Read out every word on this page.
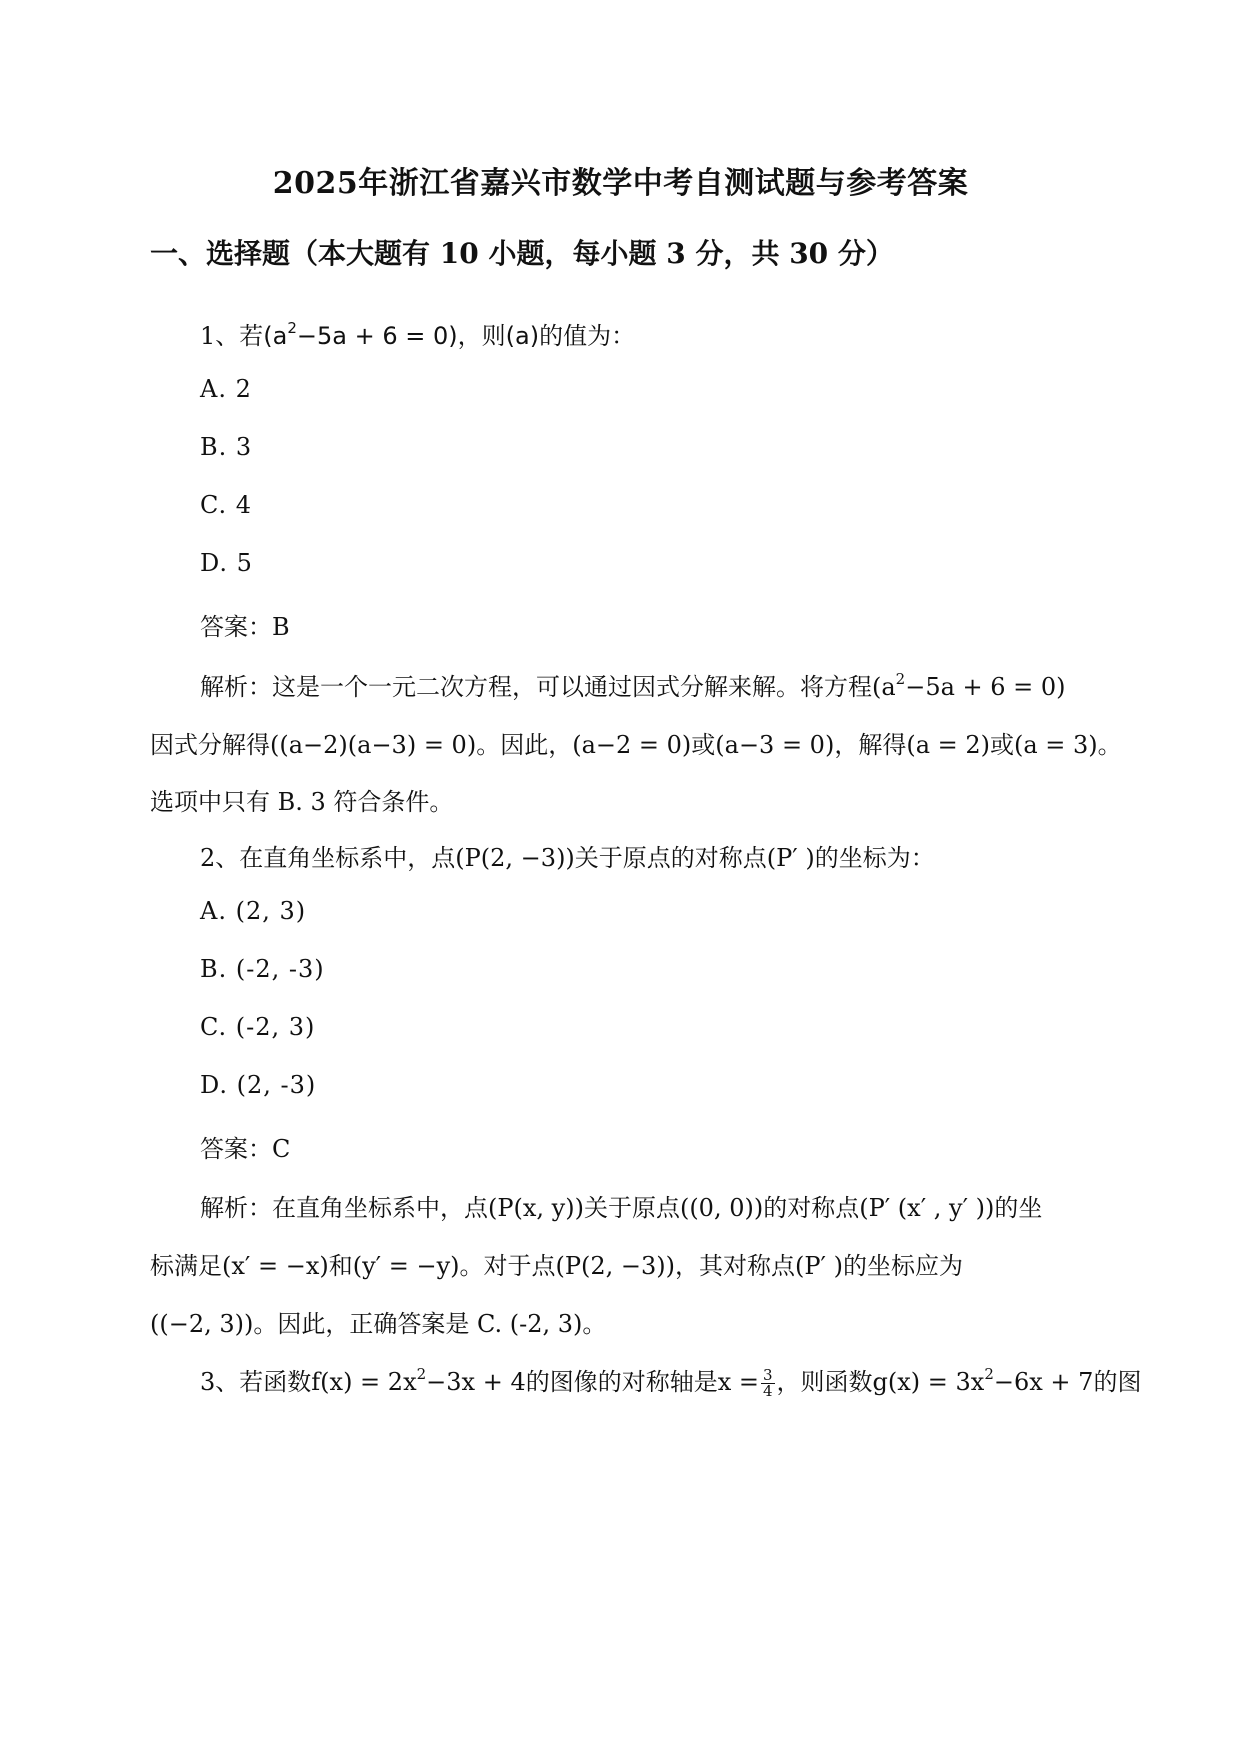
2025年浙江省嘉兴市数学中考自测试题与参考答案
一、选择题（本大题有 10 小题，每小题 3 分，共 30 分）
1、若$(a^2-5a + 6 = 0)$，则(a)的值为：
A. 2
B. 3
C. 4
D. 5
答案：B
解析：这是一个一元二次方程，可以通过因式分解来解。将方程$(a^2-5a + 6 = 0)$
因式分解得((a−2)(a−3) = 0)。因此，(a−2 = 0)或(a−3 = 0)，解得(a = 2)或(a = 3)。
选项中只有 B. 3 符合条件。
2、在直角坐标系中，点(P(2, −3))关于原点的对称点(P′ )的坐标为：
A. (2, 3)
B. (-2, -3)
C. (-2, 3)
D. (2, -3)
答案：C
解析：在直角坐标系中，点(P(x, y))关于原点((0, 0))的对称点(P′ (x′ , y′ ))的坐
标满足(x′ = −x)和(y′ = −y)。对于点(P(2, −3))，其对称点(P′ )的坐标应为
((−2, 3))。因此，正确答案是 C. (-2, 3)。
3、若函数$f(x) = 2x^2-3x + 4$的图像的对称轴是$x = \frac{3}{4}$ ，则函数$g(x) = 3x^2-6x + 7$的图
